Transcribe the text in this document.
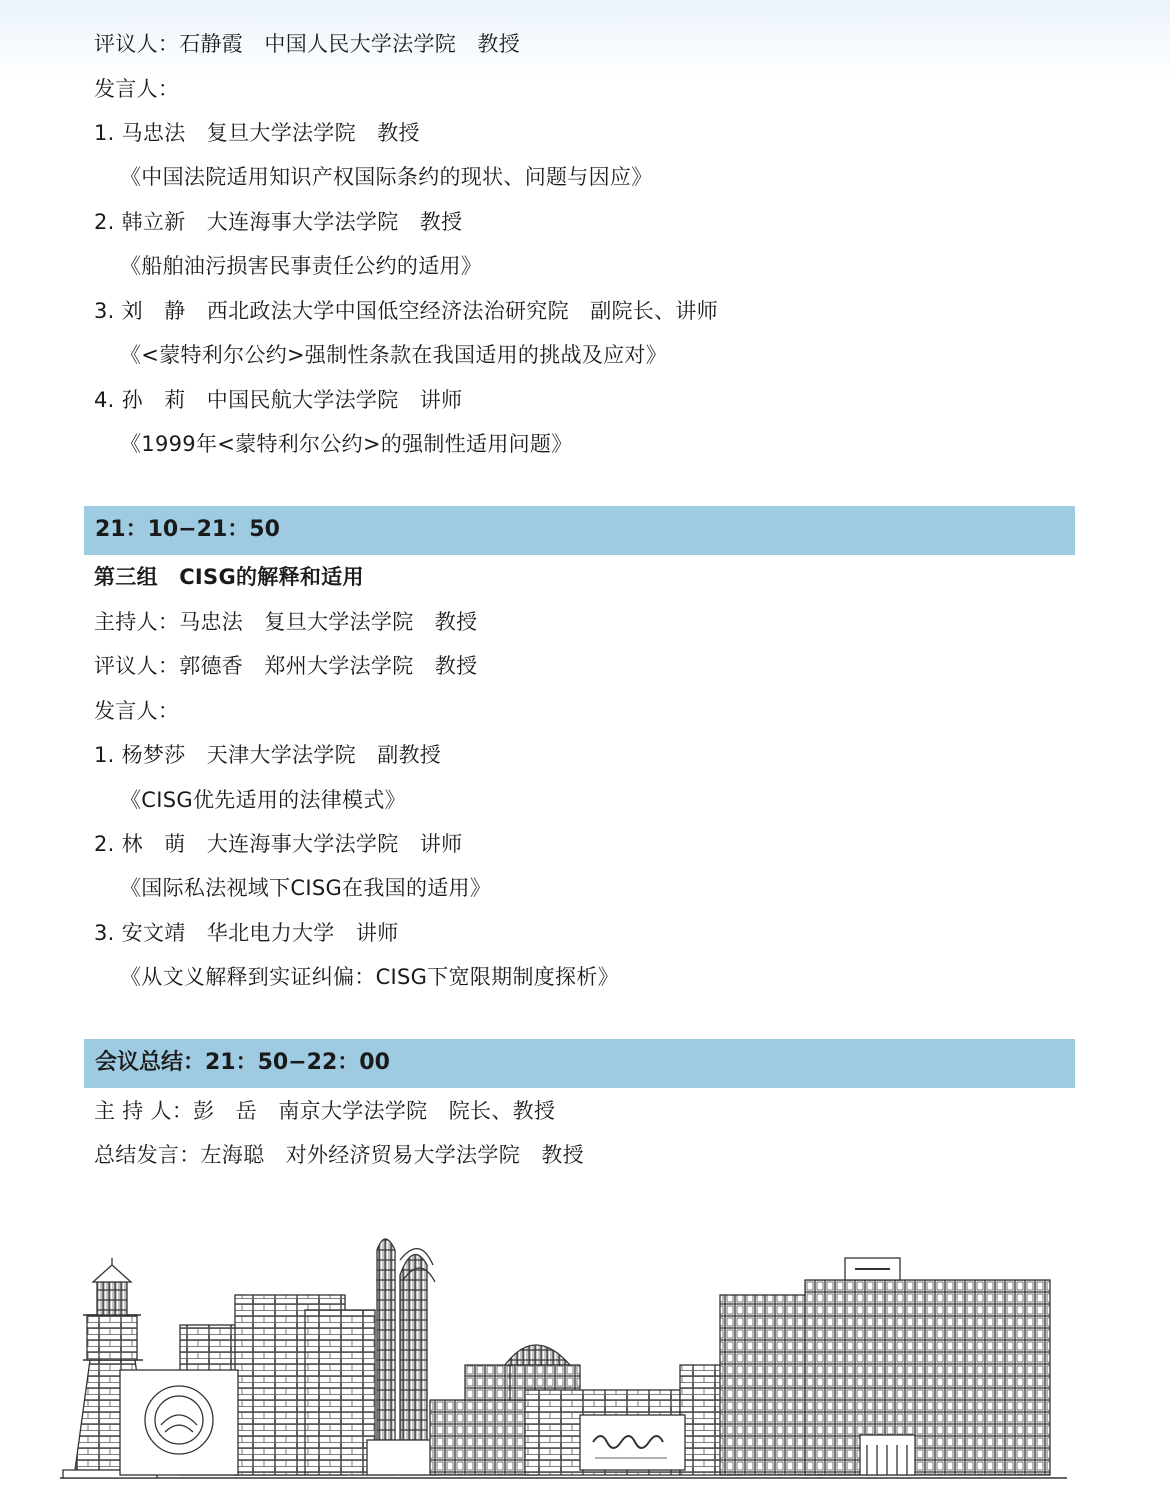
评议人：石静霞　中国人民大学法学院　教授
发言人：
1. 马忠法　复旦大学法学院　教授
《中国法院适用知识产权国际条约的现状、问题与因应》
2. 韩立新　大连海事大学法学院　教授
《船舶油污损害民事责任公约的适用》
3. 刘　静　西北政法大学中国低空经济法治研究院　副院长、讲师
《<蒙特利尔公约>强制性条款在我国适用的挑战及应对》
4. 孙　莉　中国民航大学法学院　讲师
《1999年<蒙特利尔公约>的强制性适用问题》
21：10−21：50
第三组　CISG的解释和适用
主持人：马忠法　复旦大学法学院　教授
评议人：郭德香　郑州大学法学院　教授
发言人：
1. 杨梦莎　天津大学法学院　副教授
《CISG优先适用的法律模式》
2. 林　萌　大连海事大学法学院　讲师
《国际私法视域下CISG在我国的适用》
3. 安文靖　华北电力大学　讲师
《从文义解释到实证纠偏：CISG下宽限期制度探析》
会议总结：21：50−22：00
主 持 人：彭　岳　南京大学法学院　院长、教授
总结发言：左海聪　对外经济贸易大学法学院　教授
